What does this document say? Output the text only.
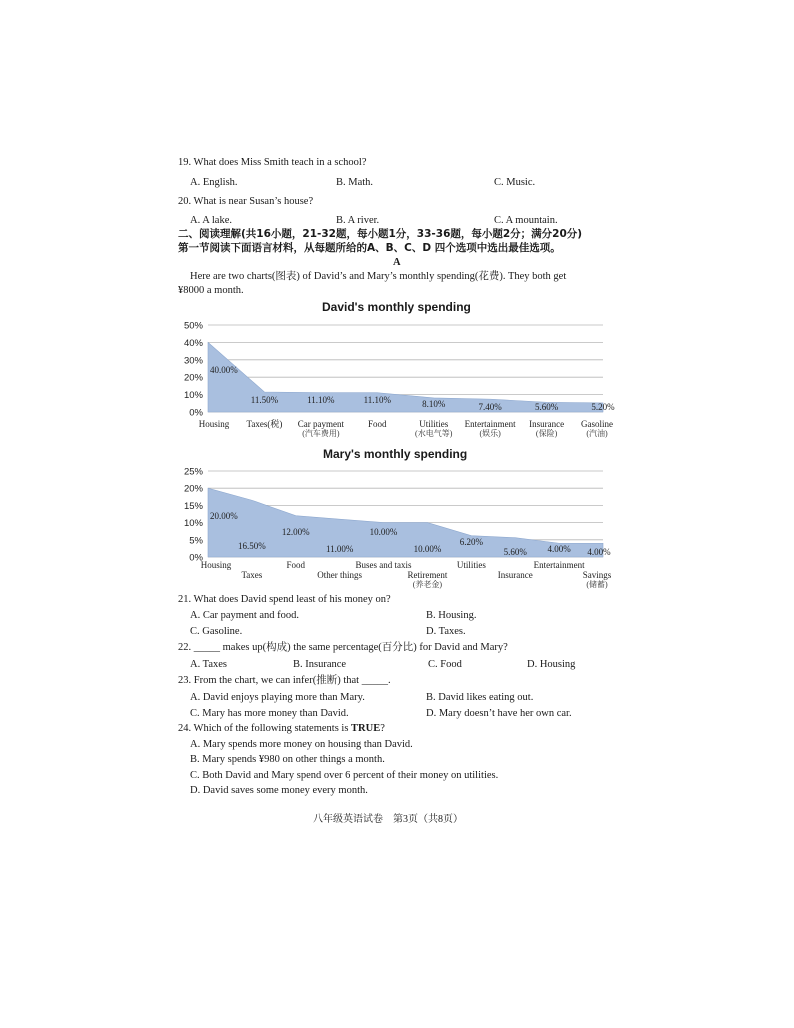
19. What does Miss Smith teach in a school?
A. English.	B. Math.	C. Music.
20. What is near Susan’s house?
A. A lake.	B. A river.	C. A mountain.
二、阅读理解(共16小题，21-32题，每小题1分，33-36题，每小题2分；满分20分)
第一节阅读下面语言材料，从每题所给的A、B、C、D 四个选项中选出最佳选项。
A
Here are two charts(图表) of David’s and Mary’s monthly spending(花费). They both get
¥8000 a month.
David's monthly spending
0%
10%
20%
30%
40%
50%
40.00%
11.50%	11.10%	11.10%	8.10%	7.40%	5.60%	5.20%
Housing Taxes(税) Car payment
(汽车费用)
Food	Utilities
(水电气等)
Entertainment
(娱乐)
Insurance
(保险)
Gasoline
(汽油)
Mary's monthly spending
0%
5%
10%
15%
20%
25%
20.00%
16.50%
12.00%
11.00%
10.00%
10.00%
6.20%
5.60% 4.00% 4.00%
Housing
Taxes
Food
Other things
Buses and taxis
Retirement
(养老金)
Utilities
Insurance
Entertainment
Savings
(储蓄)
21. What does David spend least of his money on?
A. Car payment and food.	B. Housing.
C. Gasoline.	D. Taxes.
22. _____ makes up(构成) the same percentage(百分比) for David and Mary?
A. Taxes	B. Insurance	C. Food	D. Housing
23. From the chart, we can infer(推断) that _____.
A. David enjoys playing more than Mary.	B. David likes eating out.
C. Mary has more money than David.	D. Mary doesn’t have her own car.
24. Which of the following statements is TRUE?
A. Mary spends more money on housing than David.
B. Mary spends ¥980 on other things a month.
C. Both David and Mary spend over 6 percent of their money on utilities.
D. David saves some money every month.
八年级英语试卷　第3页（共8页）
